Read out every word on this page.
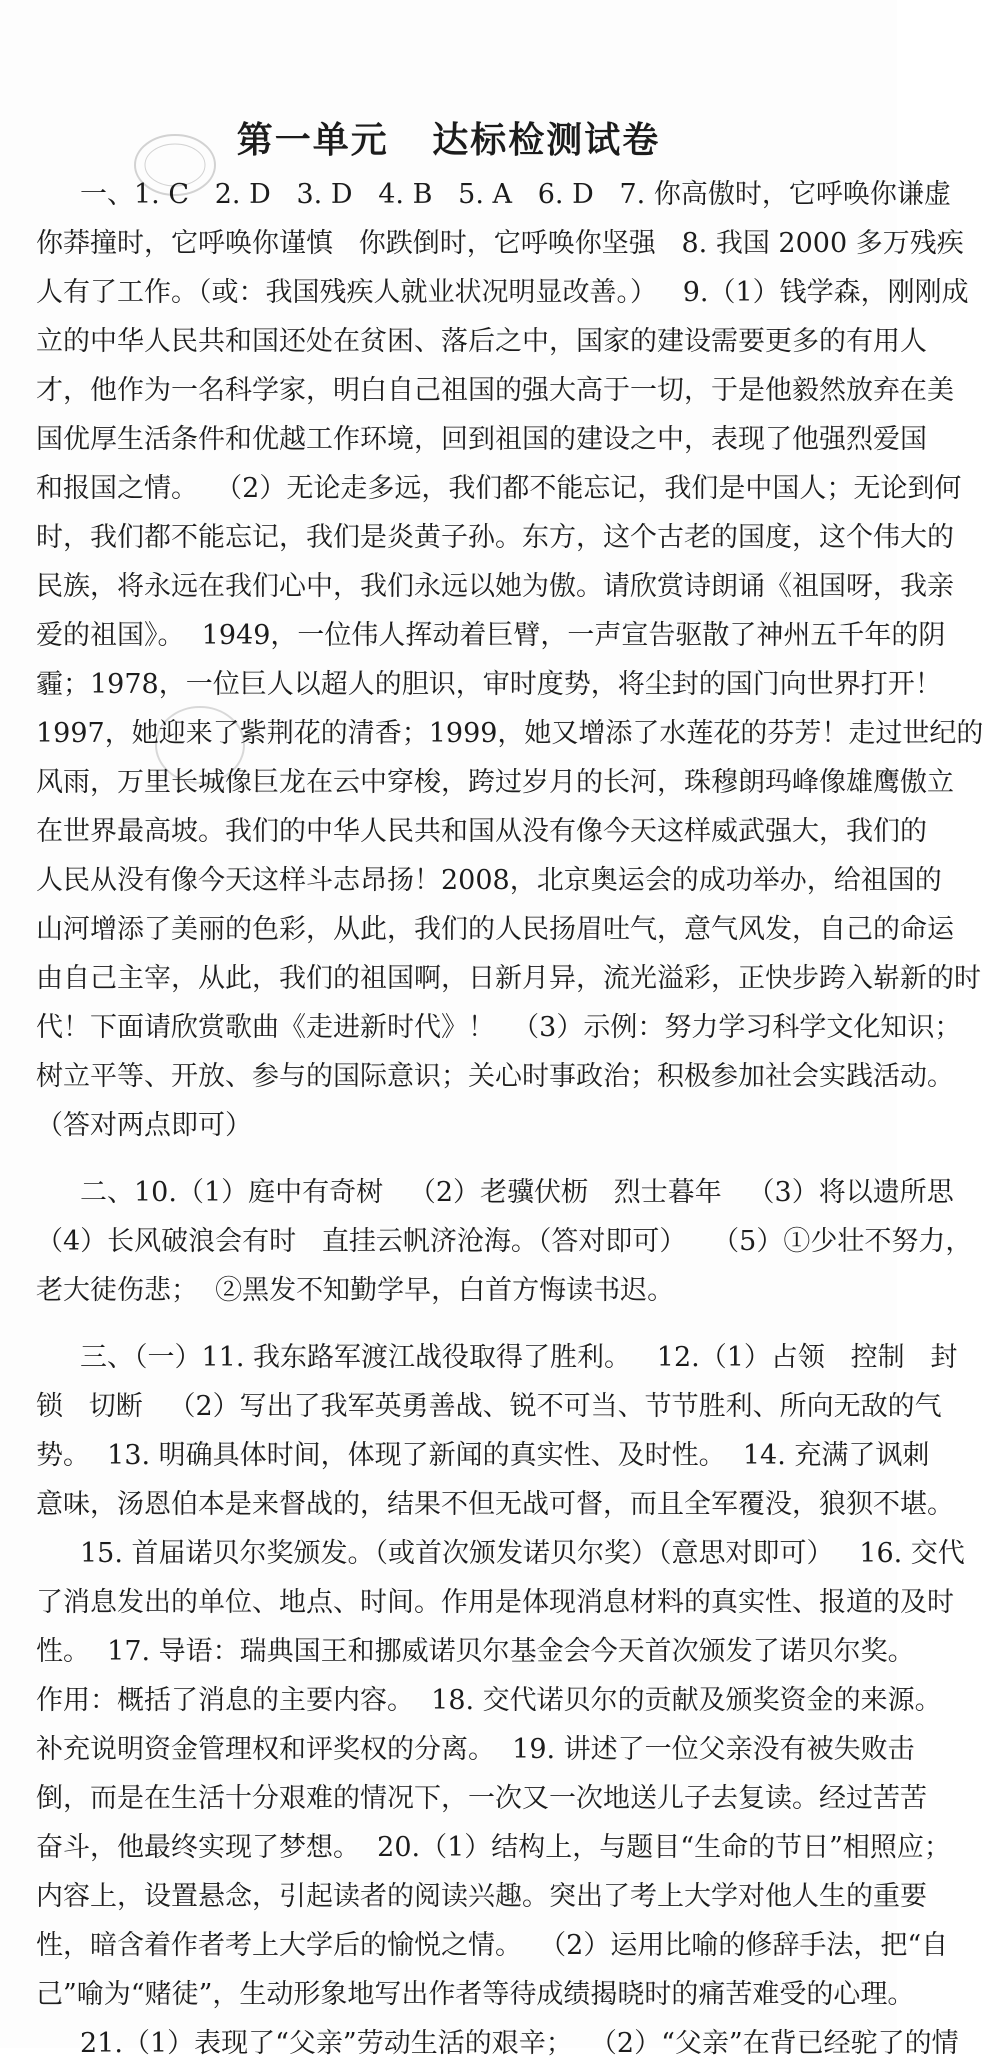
第一单元   达标检测试卷
一、1. C   2. D   3. D   4. B   5. A   6. D   7. 你高傲时，它呼唤你谦虚
你莽撞时，它呼唤你谨慎   你跌倒时，它呼唤你坚强   8. 我国 2000 多万残疾
人有了工作。（或：我国残疾人就业状况明显改善。）   9.（1）钱学森，刚刚成
立的中华人民共和国还处在贫困、落后之中，国家的建设需要更多的有用人
才，他作为一名科学家，明白自己祖国的强大高于一切，于是他毅然放弃在美
国优厚生活条件和优越工作环境，回到祖国的建设之中，表现了他强烈爱国
和报国之情。  （2）无论走多远，我们都不能忘记，我们是中国人；无论到何
时，我们都不能忘记，我们是炎黄子孙。东方，这个古老的国度，这个伟大的
民族，将永远在我们心中，我们永远以她为傲。请欣赏诗朗诵《祖国呀，我亲
爱的祖国》。  1949，一位伟人挥动着巨臂，一声宣告驱散了神州五千年的阴
霾；1978，一位巨人以超人的胆识，审时度势，将尘封的国门向世界打开！
1997，她迎来了紫荆花的清香；1999，她又增添了水莲花的芬芳！走过世纪的
风雨，万里长城像巨龙在云中穿梭，跨过岁月的长河，珠穆朗玛峰像雄鹰傲立
在世界最高坡。我们的中华人民共和国从没有像今天这样威武强大，我们的
人民从没有像今天这样斗志昂扬！2008，北京奥运会的成功举办，给祖国的
山河增添了美丽的色彩，从此，我们的人民扬眉吐气，意气风发，自己的命运
由自己主宰，从此，我们的祖国啊，日新月异，流光溢彩，正快步跨入崭新的时
代！下面请欣赏歌曲《走进新时代》！  （3）示例：努力学习科学文化知识；
树立平等、开放、参与的国际意识；关心时事政治；积极参加社会实践活动。
（答对两点即可）
二、10.（1）庭中有奇树   （2）老骥伏枥   烈士暮年   （3）将以遗所思
（4）长风破浪会有时   直挂云帆济沧海。（答对即可）   （5）①少壮不努力，
老大徒伤悲；  ②黑发不知勤学早，白首方悔读书迟。
三、（一）11. 我东路军渡江战役取得了胜利。   12.（1）占领   控制   封
锁   切断   （2）写出了我军英勇善战、锐不可当、节节胜利、所向无敌的气
势。  13. 明确具体时间，体现了新闻的真实性、及时性。  14. 充满了讽刺
意味，汤恩伯本是来督战的，结果不但无战可督，而且全军覆没，狼狈不堪。
15. 首届诺贝尔奖颁发。（或首次颁发诺贝尔奖）（意思对即可）   16. 交代
了消息发出的单位、地点、时间。作用是体现消息材料的真实性、报道的及时
性。  17. 导语：瑞典国王和挪威诺贝尔基金会今天首次颁发了诺贝尔奖。
作用：概括了消息的主要内容。  18. 交代诺贝尔的贡献及颁奖资金的来源。
补充说明资金管理权和评奖权的分离。  19. 讲述了一位父亲没有被失败击
倒，而是在生活十分艰难的情况下，一次又一次地送儿子去复读。经过苦苦
奋斗，他最终实现了梦想。  20.（1）结构上，与题目“生命的节日”相照应；
内容上，设置悬念，引起读者的阅读兴趣。突出了考上大学对他人生的重要
性，暗含着作者考上大学后的愉悦之情。  （2）运用比喻的修辞手法，把“自
己”喻为“赌徒”，生动形象地写出作者等待成绩揭晓时的痛苦难受的心理。
21.（1）表现了“父亲”劳动生活的艰辛；  （2）“父亲”在背已经驼了的情
